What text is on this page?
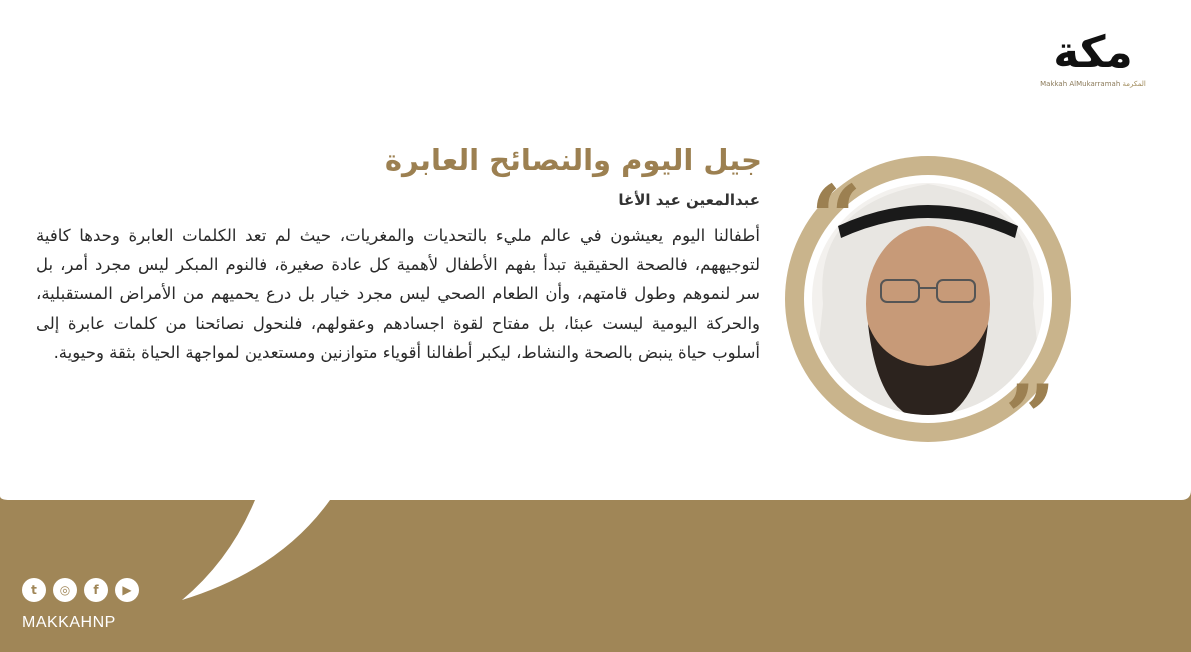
مكة
Makkah AlMukarramah المكرمة
جيل اليوم والنصائح العابرة
عبدالمعين عيد الأغا

أطفالنا اليوم يعيشون في عالم مليء بالتحديات والمغريات، حيث لم تعد الكلمات العابرة وحدها كافية لتوجيههم، فالصحة الحقيقية تبدأ بفهم الأطفال لأهمية كل عادة صغيرة، فالنوم المبكر ليس مجرد أمر، بل سر لنموهم وطول قامتهم، وأن الطعام الصحي ليس مجرد خيار بل درع يحميهم من الأمراض المستقبلية، والحركة اليومية ليست عبئا، بل مفتاح لقوة اجسادهم وعقولهم، فلنحول نصائحنا من كلمات عابرة إلى أسلوب حياة ينبض بالصحة والنشاط، ليكبر أطفالنا أقوياء متوازنين ومستعدين لمواجهة الحياة بثقة وحيوية.

“
”
t	◎	f	▶
MAKKAHNP
